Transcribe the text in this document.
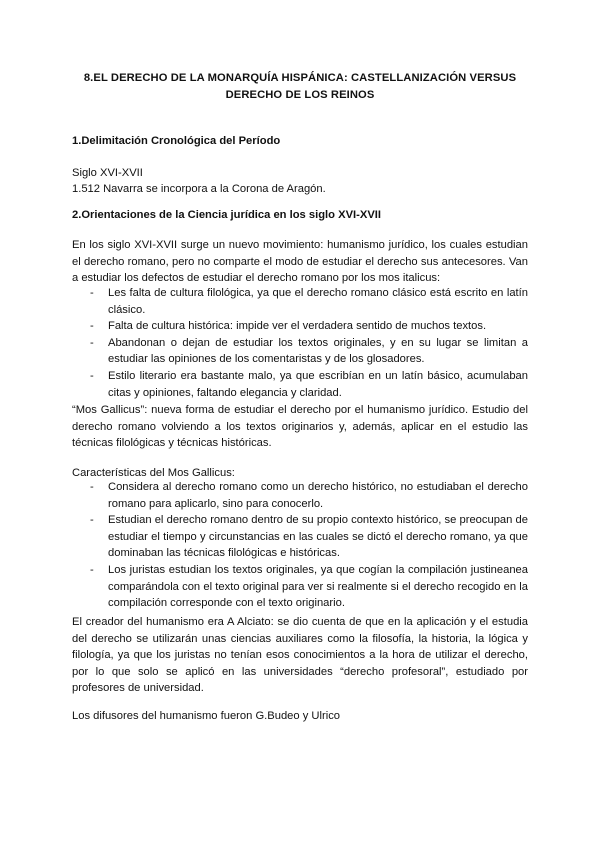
8.EL DERECHO DE LA MONARQUÍA HISPÁNICA: CASTELLANIZACIÓN VERSUS DERECHO DE LOS REINOS
1.Delimitación Cronológica del Período
Siglo XVI-XVII
1.512 Navarra se incorpora a la Corona de Aragón.
2.Orientaciones de la Ciencia jurídica en los siglo XVI-XVII

En los siglo XVI-XVII surge un nuevo movimiento: humanismo jurídico, los cuales estudian el derecho romano, pero no comparte el modo de estudiar el derecho sus antecesores. Van a estudiar los defectos de estudiar el derecho romano por los mos italicus:

- Les falta de cultura filológica, ya que el derecho romano clásico está escrito en latín clásico.
- Falta de cultura histórica: impide ver el verdadera sentido de muchos textos.
- Abandonan o dejan de estudiar los textos originales, y en su lugar se limitan a estudiar las opiniones de los comentaristas y de los glosadores.
- Estilo literario era bastante malo, ya que escribían en un latín básico, acumulaban citas y opiniones, faltando elegancia y claridad.

“Mos Gallicus”: nueva forma de estudiar el derecho por el humanismo jurídico. Estudio del derecho romano volviendo a los textos originarios y, además, aplicar en el estudio las técnicas filológicas y técnicas históricas.

Características del Mos Gallicus:
- Considera al derecho romano como un derecho histórico, no estudiaban el derecho romano para aplicarlo, sino para conocerlo.
- Estudian el derecho romano dentro de su propio contexto histórico, se preocupan de estudiar el tiempo y circunstancias en las cuales se dictó el derecho romano, ya que dominaban las técnicas filológicas e históricas.
- Los juristas estudian los textos originales, ya que cogían la compilación justineanea comparándola con el texto original para ver si realmente si el derecho recogido en la compilación corresponde con el texto originario.

El creador del humanismo era A Alciato: se dio cuenta de que en la aplicación y el estudia del derecho se utilizarán unas ciencias auxiliares como la filosofía, la historia, la lógica y filología, ya que los juristas no tenían esos conocimientos a la hora de utilizar el derecho, por lo que solo se aplicó en las universidades “derecho profesoral”, estudiado por profesores de universidad.

Los difusores del humanismo fueron G.Budeo y Ulrico
